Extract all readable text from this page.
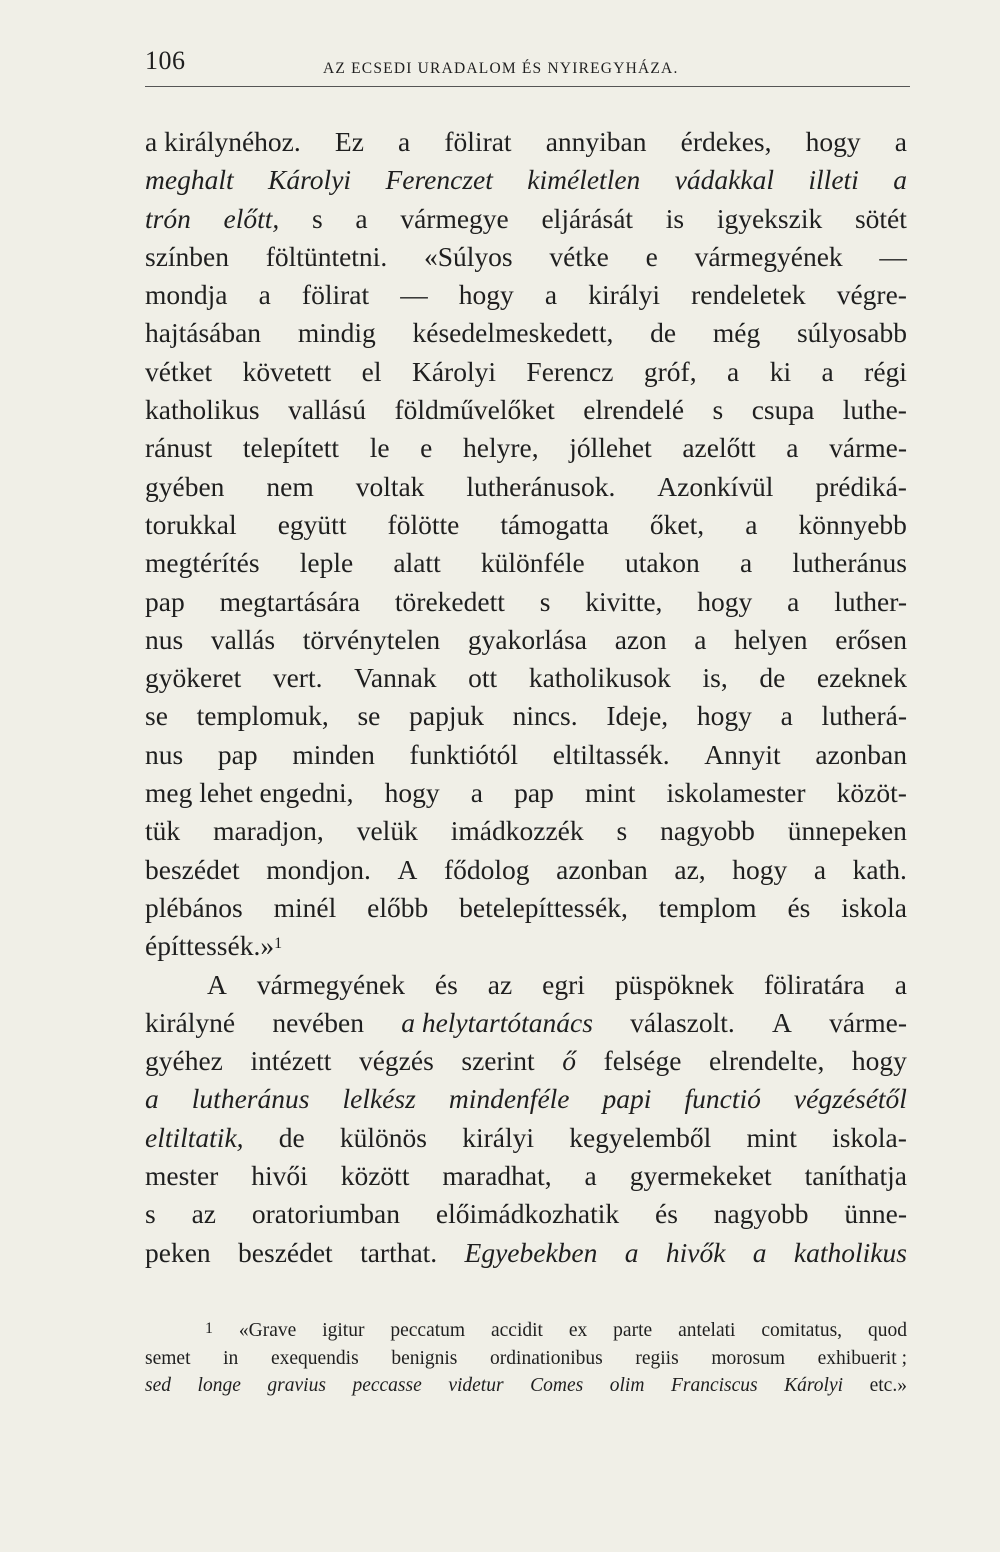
106	AZ ECSEDI URADALOM ÉS NYIREGYHÁZA.
a királynéhoz. Ez a fölirat annyiban érdekes, hogy a
meghalt Károlyi Ferenczet kiméletlen vádakkal illeti a
trón előtt, s a vármegye eljárását is igyekszik sötét
színben föltüntetni. «Súlyos vétke e vármegyének —
mondja a fölirat — hogy a királyi rendeletek végre-
hajtásában mindig késedelmeskedett, de még súlyosabb
vétket követett el Károlyi Ferencz gróf, a ki a régi
katholikus vallású földművelőket elrendelé s csupa luthe-
ránust telepített le e helyre, jóllehet azelőtt a várme-
gyében nem voltak lutheránusok. Azonkívül prédiká-
torukkal együtt fölötte támogatta őket, a könnyebb
megtérítés leple alatt különféle utakon a lutheránus
pap megtartására törekedett s kivitte, hogy a luther-
nus vallás törvénytelen gyakorlása azon a helyen erősen
gyökeret vert. Vannak ott katholikusok is, de ezeknek
se templomuk, se papjuk nincs. Ideje, hogy a lutherá-
nus pap minden funktiótól eltiltassék. Annyit azonban
meg lehet engedni, hogy a pap mint iskolamester közöt-
tük maradjon, velük imádkozzék s nagyobb ünnepeken
beszédet mondjon. A fődolog azonban az, hogy a kath.
plébános minél előbb betelepíttessék, templom és iskola
építtessék.»$^1$
A vármegyének és az egri püspöknek föliratára a
királyné nevében a helytartótanács válaszolt. A várme-
gyéhez intézett végzés szerint ő felsége elrendelte, hogy
a lutheránus lelkész mindenféle papi functió végzésétől
eltiltatik, de különös királyi kegyelemből mint iskola-
mester hivői között maradhat, a gyermekeket taníthatja
s az oratoriumban előimádkozhatik és nagyobb ünne-
peken beszédet tarthat. Egyebekben a hivők a katholikus
$^1$ «Grave igitur peccatum accidit ex parte antelati comitatus, quod
semet in exequendis benignis ordinationibus regiis morosum exhibuerit ;
sed longe gravius peccasse videtur Comes olim Franciscus Károlyi etc.»
